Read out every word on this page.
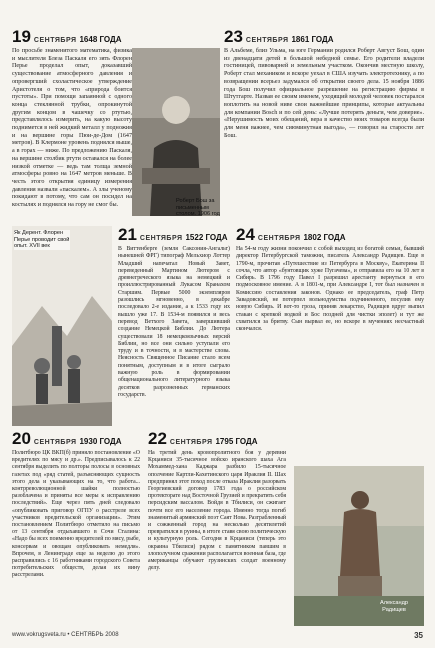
19 СЕНТЯБРЯ 1648 ГОДА
По просьбе знаменитого математика, физика и мыслителя Блеза Паскаля его зять Флорен Перье проделал опыт, доказавший существование атмосферного давления и опровергший схоластическое утверждение Аристотеля о том, что «природа боится пустоты». При помощи запаянной с одного конца стеклянной трубки, опрокинутой другим концом в чашечку со ртутью, представлялось измерить, на какую высоту поднимется в ней жидкий металл у подножия и на вершине горы Пюи-де-Дом (1647 метров). В Клермоне уровень поднялся выше, а в горах — ниже. По предложению Паскаля, на вершине столбик ртути оставался на более низкой отметке — ведь там толща земной атмосферы ровно на 1647 метров меньше. В честь этого открытия единицу измерения давления назвали «паскалем». А злы ученому покидают в потому, что сам он посидел на костылях и поднялся на гору не смог бы.
Роберт Бош за письменным столом. 1906 год
23 СЕНТЯБРЯ 1861 ГОДА
В Альбеме, близ Ульма, на юге Германии родился Роберт Август Бош, один из двенадцати детей в большой небедной семье. Его родители владели гостиницей, пивоварней и земельным участком. Окончив местную школу, Роберт стал механиком и вскоре уехал в США изучать электротехнику, а по возвращении всерьез задумался об открытии своего дела. 15 ноября 1886 года Бош получил официальное разрешение на регистрацию фирмы в Штутгарте. Назвав ее своим именем, уходящий молодой человек постарался воплотить на новой ниве свои важнейшие принципы, которые актуальны для компании Bosch и по сей день: «Лучше потерять деньги, чем доверие». «Нерушимость моих обещаний, вера в качество моих товаров всегда были для меня важнее, чем сиюминутная выгода», — говорил на старости лет Бош.
Як Дерент. Флорен Перье проводит свой опыт. XVII век
21 СЕНТЯБРЯ 1522 ГОДА
В Виттенберге (земля Саксония-Ангальт) нынешней ФРГ) типограф Мельхиор Лоттер Младший напечатал Новый Завет, переведенный Мартином Лютером с древнегреческого языка на немецкий и проиллюстрированный Лукасом Кранахом Старшим. Первые 5000 экземпляров разошлись мгновенно, в декабре последовало 2-е издание, а к 1533 году их вышло уже 17. В 1534-м появился и весь перевод Ветхого Завета, завершивший создание Немецкой Библии. До Лютера существовали 18 немецкоязычных версий Библии, но все они сильно уступали его труду и в точности, и в мастерстве слова. Неясность Священное Писание стало всем понятным, доступным и в итоге сыграло важную роль в формировании общенационального литературного языка десятков разрозненных германских государств.
24 СЕНТЯБРЯ 1802 ГОДА
На 54-м году жизни покончил с собой выходец из богатой семьи, бывший директор Петербургской таможни, писатель Александр Радищев. Еще в 1790-м, прочитав «Путешествие из Петербурга в Москву», Екатерина II сочла, что автор «бунтовщик хуже Пугачева», и отправила его на 10 лет в Сибирь. В 1796 году Павел I разрешил арестанту вернуться в его подмосковное имение. А в 1801-м, при Александре I, тот был назначен в Комиссию составления законов. Однако ее председатель, граф Петр Завадовский, не потерпел вольнодумства подчиненного, посулив ему новую Сибирь. И вот-то гроза, приняв лекарство, Радищев вдруг выпил стакан с крепкой водкой и Бос поздней для чистки эполет) и тут же схватился за бритву. Сын вырвал ее, но вскоре в мучениях несчастный скончался.
20 СЕНТЯБРЯ 1930 ГОДА
Политбюро ЦК ВКП(б) приняло постановление «О вредителях по мясу и др.». Предписывалось к 22 сентября выделить по полторы полосы в основных газетах под «ряд статей, разъясняющих сущность этого дела и указывающих на то, что работа... контрреволюционной шайки полностью разоблачена и приняты все меры к исправлению последствий». Еще через пять дней следовало «опубликовать приговор ОГПУ о расстреле всех участников вредительской организации». Этим постановлением Политбюро отметило на письмо от 13 сентября отдыхавшего в Сочи Сталина: «Надо бы всех поименно вредителей по мясу, рыбе, консервам и овощам опубликовать немедля». Впрочем, в Ленинграде еще за неделю до этого расправились с 16 работниками городского Совета потребительских обществ, делая их вину расстрелами.
22 СЕНТЯБРЯ 1795 ГОДА
На третий день кровопролитного боя у деревни Крцаниси 35-тысячное войско иранского шаха Ага Мохаммед-хана Каджара разбило 15-тысячное ополчение Картли-Кахетинского царя Ираклия II. Шах предпринял этот поход после отказа Ираклия разорвать Георгиевский договор 1783 года о российском протекторате над Восточной Грузией и прекратить себя персидским вассалом. Войдя в Тбилиси, он сжигает почти все его население города. Именно тогда погиб знаменитый армянский поэт Саят Нова. Разграбленный и сожженный город на несколько десятилетий превратился в руины, в итоге ставя свою политическую и культурную роль. Сегодня в Крцаниси (теперь это окраина Тбилиси) рядом с памятником павшим в злополучном сражении располагается военная база, где американцы обучают грузинских солдат военному делу.
Александр Радищев
www.vokrugsveta.ru • СЕНТЯБРЬ 2008	35
